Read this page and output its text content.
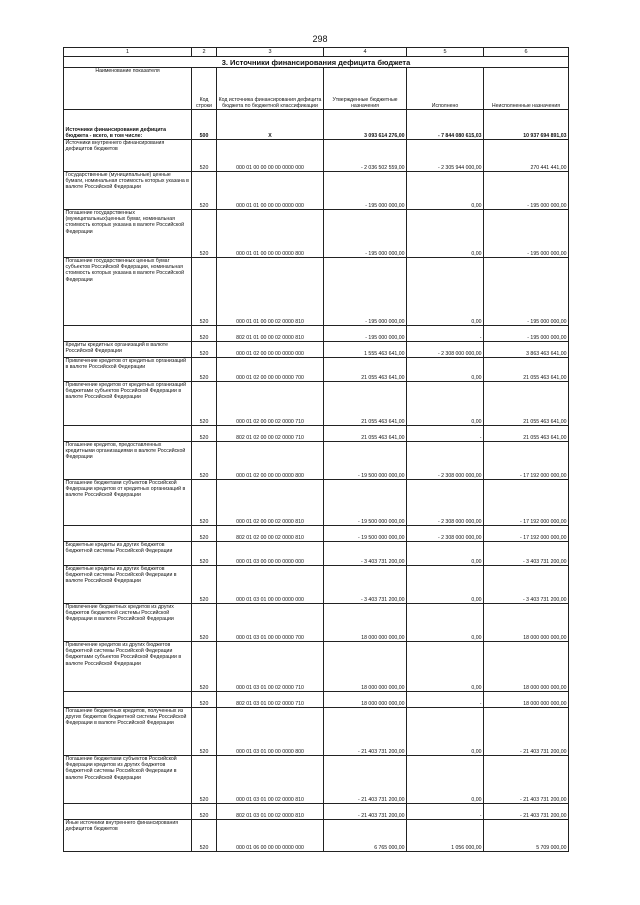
298
1	2	3	4	5	6
3. Источники финансирования дефицита бюджета					
Наименование показателя	Код строки	Код источника финансирования дефицита бюджета по бюджетной классификации	Утвержденные бюджетные назначения	Исполнено	Неисполненные назначения
Источники финансирования дефицита бюджета - всего, в том числе:	500	X	3 093 614 276,00	- 7 844 080 615,03	10 937 694 891,03
Источники внутреннего финансирования дефицитов бюджетов	520	000 01 00 00 00 00 0000 000	- 2 036 502 559,00	- 2 305 944 000,00	270 441 441,00
Государственные (муниципальные) ценные бумаги, номинальная стоимость которых указана в валюте Российской Федерации	520	000 01 01 00 00 00 0000 000	- 195 000 000,00	0,00	- 195 000 000,00
Погашение государственных (муниципальных)ценных бумаг, номинальная стоимость которых указана в валюте Российской Федерации	520	000 01 01 00 00 00 0000 800	- 195 000 000,00	0,00	- 195 000 000,00
Погашение государственных ценных бумаг субъектов Российской Федерации, номинальная стоимость которых указана в валюте Российской Федерации	520	000 01 01 00 00 02 0000 810	- 195 000 000,00	0,00	- 195 000 000,00
	520	802 01 01 00 00 02 0000 810	- 195 000 000,00	-	- 195 000 000,00
Кредиты кредитных организаций в валюте Российской Федерации	520	000 01 02 00 00 00 0000 000	1 555 463 641,00	- 2 308 000 000,00	3 863 463 641,00
Привлечение кредитов от кредитных организаций в валюте Российской Федерации	520	000 01 02 00 00 00 0000 700	21 055 463 641,00	0,00	21 055 463 641,00
Привлечение кредитов от кредитных организаций бюджетами субъектов Российской Федерации в валюте Российской Федерации	520	000 01 02 00 00 02 0000 710	21 055 463 641,00	0,00	21 055 463 641,00
	520	802 01 02 00 00 02 0000 710	21 055 463 641,00	-	21 055 463 641,00
Погашение кредитов, предоставленных кредитными организациями в валюте Российской Федерации	520	000 01 02 00 00 00 0000 800	- 19 500 000 000,00	- 2 308 000 000,00	- 17 192 000 000,00
Погашение бюджетами субъектов Российской Федерации кредитов от кредитных организаций в валюте Российской Федерации	520	000 01 02 00 00 02 0000 810	- 19 500 000 000,00	- 2 308 000 000,00	- 17 192 000 000,00
	520	802 01 02 00 00 02 0000 810	- 19 500 000 000,00	- 2 308 000 000,00	- 17 192 000 000,00
Бюджетные кредиты из других бюджетов бюджетной системы Российской Федерации	520	000 01 03 00 00 00 0000 000	- 3 403 731 200,00	0,00	- 3 403 731 200,00
Бюджетные кредиты из других бюджетов бюджетной системы Российской Федерации в валюте Российской Федерации	520	000 01 03 01 00 00 0000 000	- 3 403 731 200,00	0,00	- 3 403 731 200,00
Привлечение бюджетных кредитов из других бюджетов бюджетной системы Российской Федерации в валюте Российской Федерации	520	000 01 03 01 00 00 0000 700	18 000 000 000,00	0,00	18 000 000 000,00
Привлечение кредитов из других бюджетов бюджетной системы Российской Федерации бюджетами субъектов Российской Федерации в валюте Российской Федерации	520	000 01 03 01 00 02 0000 710	18 000 000 000,00	0,00	18 000 000 000,00
	520	802 01 03 01 00 02 0000 710	18 000 000 000,00	-	18 000 000 000,00
Погашение бюджетных кредитов, полученных из других бюджетов бюджетной системы Российской Федерации в валюте Российской Федерации	520	000 01 03 01 00 00 0000 800	- 21 403 731 200,00	0,00	- 21 403 731 200,00
Погашение бюджетами субъектов Российской Федерации кредитов из других бюджетов бюджетной системы Российской Федерации в валюте Российской Федерации	520	000 01 03 01 00 02 0000 810	- 21 403 731 200,00	0,00	- 21 403 731 200,00
	520	802 01 03 01 00 02 0000 810	- 21 403 731 200,00	-	- 21 403 731 200,00
Иные источники внутреннего финансирования дефицитов бюджетов	520	000 01 06 00 00 00 0000 000	6 765 000,00	1 056 000,00	5 709 000,00
